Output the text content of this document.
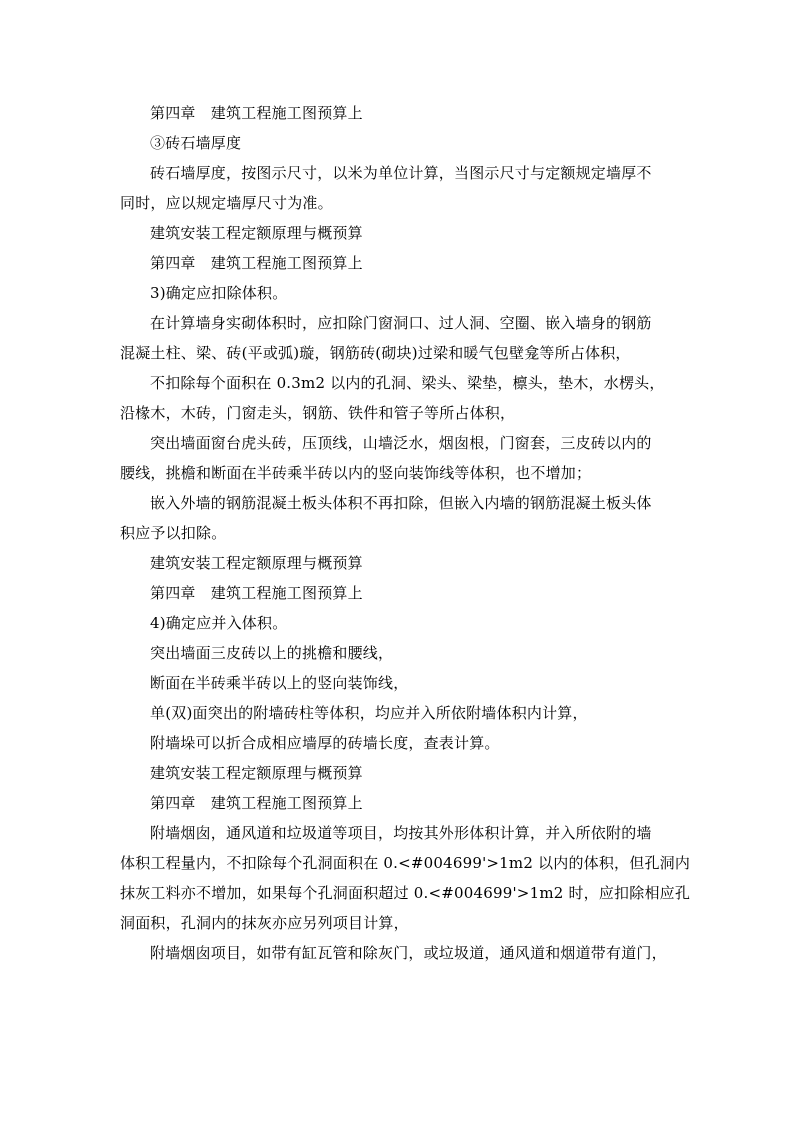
第四章　建筑工程施工图预算上
③砖石墙厚度
砖石墙厚度，按图示尺寸，以米为单位计算，当图示尺寸与定额规定墙厚不
同时，应以规定墙厚尺寸为准。
建筑安装工程定额原理与概预算
第四章　建筑工程施工图预算上
3)确定应扣除体积。
在计算墙身实砌体积时，应扣除门窗洞口、过人洞、空圈、嵌入墙身的钢筋
混凝土柱、梁、砖(平或弧)璇，钢筋砖(砌块)过梁和暖气包壁龛等所占体积，
不扣除每个面积在 0.3m2 以内的孔洞、梁头、梁垫，檩头，垫木，水楞头，
沿椽木，木砖，门窗走头，钢筋、铁件和管子等所占体积，
突出墙面窗台虎头砖，压顶线，山墙泛水，烟囱根，门窗套，三皮砖以内的
腰线，挑檐和断面在半砖乘半砖以内的竖向装饰线等体积，也不增加；
嵌入外墙的钢筋混凝土板头体积不再扣除，但嵌入内墙的钢筋混凝土板头体
积应予以扣除。
建筑安装工程定额原理与概预算
第四章　建筑工程施工图预算上
4)确定应并入体积。
突出墙面三皮砖以上的挑檐和腰线，
断面在半砖乘半砖以上的竖向装饰线，
单(双)面突出的附墙砖柱等体积，均应并入所依附墙体积内计算，
附墙垛可以折合成相应墙厚的砖墙长度，查表计算。
建筑安装工程定额原理与概预算
第四章　建筑工程施工图预算上
附墙烟囱，通风道和垃圾道等项目，均按其外形体积计算，并入所依附的墙
体积工程量内，不扣除每个孔洞面积在 0.<#004699'>1m2 以内的体积，但孔洞内
抹灰工料亦不增加，如果每个孔洞面积超过 0.<#004699'>1m2 时，应扣除相应孔
洞面积，孔洞内的抹灰亦应另列项目计算，
附墙烟囱项目，如带有缸瓦管和除灰门，或垃圾道，通风道和烟道带有道门，
